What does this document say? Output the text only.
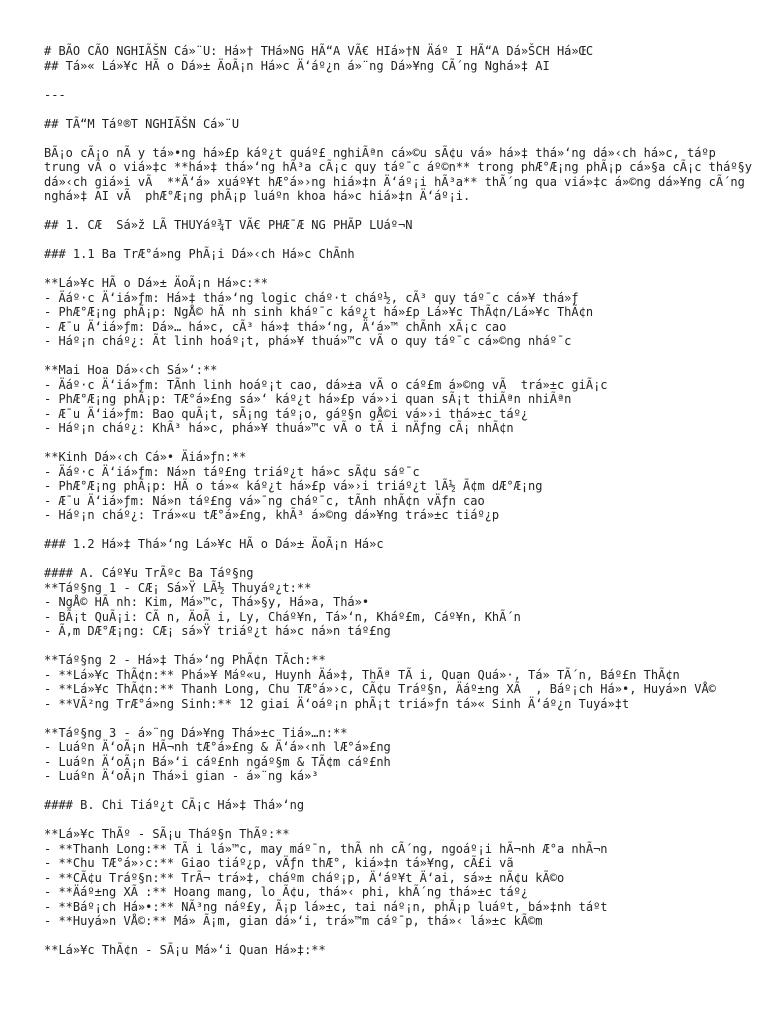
# BÃO CÃO NGHIÃŠN Cá»¨U: Há»† THá»NG HÃ“A VÃ€ HIá»†N Äáº I HÃ“A Dá»ŠCH Há»ŒC
## Tá»« Lá»¥c HÃ o Dá»± ÄoÃ¡n Há»c Ä‘áº¿n á»¨ng Dá»¥ng CÃ´ng Nghá»‡ AI
---
## TÃ“M Táº®T NGHIÃŠN Cá»¨U
BÃ¡o cÃ¡o nÃ y tá»•ng há»£p káº¿t quáº£ nghiÃªn cá»©u sÃ¢u vá» há»‡ thá»‘ng dá»‹ch há»c, táºp trung vÃ o viá»‡c **há»‡ thá»‘ng hÃ³a cÃ¡c quy táº¯c áº©n** trong phÆ°Æ¡ng phÃ¡p cá»§a cÃ¡c tháº§y dá»‹ch giá»i vÃ  **Ä‘á» xuáº¥t hÆ°á»›ng hiá»‡n Ä‘áº¡i hÃ³a** thÃ´ng qua viá»‡c á»©ng dá»¥ng cÃ´ng nghá»‡ AI vÃ  phÆ°Æ¡ng phÃ¡p luáºn khoa há»c hiá»‡n Ä‘áº¡i.
## 1. CÆ  Sá»ž LÃ THUYáº¾T VÃ€ PHÆ¯Æ NG PHÃP LUáº¬N
### 1.1 Ba TrÆ°á»ng PhÃ¡i Dá»‹ch Há»c ChÃnh
**Lá»¥c HÃ o Dá»± ÄoÃ¡n Há»c:**
- Äáº·c Ä‘iá»ƒm: Há»‡ thá»‘ng logic cháº·t cháº½, cÃ³ quy táº¯c cá»¥ thá»ƒ
- PhÆ°Æ¡ng phÃ¡p: NgÅ© hÃ nh sinh kháº¯c káº¿t há»£p Lá»¥c ThÃ¢n/Lá»¥c ThÃ¢n
- Æ¯u Ä‘iá»ƒm: Dá»… há»c, cÃ³ há»‡ thá»‘ng, Ä‘á»™ chÃnh xÃ¡c cao
- Háº¡n cháº¿: Ãt linh hoáº¡t, phá»¥ thuá»™c vÃ o quy táº¯c cá»©ng nháº¯c
**Mai Hoa Dá»‹ch Sá»‘:**
- Äáº·c Ä‘iá»ƒm: TÃnh linh hoáº¡t cao, dá»±a vÃ o cáº£m á»©ng vÃ  trá»±c giÃ¡c
- PhÆ°Æ¡ng phÃ¡p: TÆ°á»£ng sá»‘ káº¿t há»£p vá»›i quan sÃ¡t thiÃªn nhiÃªn
- Æ¯u Ä‘iá»ƒm: Bao quÃ¡t, sÃ¡ng táº¡o, gáº§n gÅ©i vá»›i thá»±c táº¿
- Háº¡n cháº¿: KhÃ³ há»c, phá»¥ thuá»™c vÃ o tÃ i nÄƒng cÃ¡ nhÃ¢n
**Kinh Dá»‹ch Cá»• Äiá»ƒn:**
- Äáº·c Ä‘iá»ƒm: Ná»n táº£ng triáº¿t há»c sÃ¢u sáº¯c
- PhÆ°Æ¡ng phÃ¡p: HÃ o tá»« káº¿t há»£p vá»›i triáº¿t lÃ½ Ã¢m dÆ°Æ¡ng
- Æ¯u Ä‘iá»ƒm: Ná»n táº£ng vá»¯ng cháº¯c, tÃnh nhÃ¢n vÄƒn cao
- Háº¡n cháº¿: Trá»«u tÆ°á»£ng, khÃ³ á»©ng dá»¥ng trá»±c tiáº¿p
### 1.2 Há»‡ Thá»‘ng Lá»¥c HÃ o Dá»± ÄoÃ¡n Há»c
#### A. Cáº¥u TrÃºc Ba Táº§ng
**Táº§ng 1 - CÆ¡ Sá»Ÿ LÃ½ Thuyáº¿t:**
- NgÅ© HÃ nh: Kim, Má»™c, Thá»§y, Há»a, Thá»•
- BÃ¡t QuÃ¡i: CÃ n, ÄoÃ i, Ly, Cháº¥n, Tá»‘n, Kháº£m, Cáº¥n, KhÃ´n
- Ã‚m DÆ°Æ¡ng: CÆ¡ sá»Ÿ triáº¿t há»c ná»n táº£ng
**Táº§ng 2 - Há»‡ Thá»‘ng PhÃ¢n TÃch:**
- **Lá»¥c ThÃ¢n:** Phá»¥ Máº«u, Huynh Äá»‡, ThÃª TÃ i, Quan Quá»·, Tá» TÃ´n, Báº£n ThÃ¢n
- **Lá»¥c ThÃ¢n:** Thanh Long, Chu TÆ°á»›c, CÃ¢u Tráº§n, Äáº±ng XÃ  , Báº¡ch Há»•, Huyá»n VÅ©
- **VÃ²ng TrÆ°á»ng Sinh:** 12 giai Ä‘oáº¡n phÃ¡t triá»ƒn tá»« Sinh Ä‘áº¿n Tuyá»‡t
**Táº§ng 3 - á»¨ng Dá»¥ng Thá»±c Tiá»…n:**
- Luáºn Ä‘oÃ¡n HÃ¬nh tÆ°á»£ng & Ä‘á»‹nh lÆ°á»£ng
- Luáºn Ä‘oÃ¡n Bá»‘i cáº£nh ngáº§m & TÃ¢m cáº£nh
- Luáºn Ä‘oÃ¡n Thá»i gian - á»¨ng ká»³
#### B. Chi Tiáº¿t CÃ¡c Há»‡ Thá»‘ng
**Lá»¥c ThÃº - SÃ¡u Tháº§n ThÃº:**
- **Thanh Long:** TÃ i lá»™c, may máº¯n, thÃ nh cÃ´ng, ngoáº¡i hÃ¬nh Æ°a nhÃ¬n
- **Chu TÆ°á»›c:** Giao tiáº¿p, vÄƒn thÆ°, kiá»‡n tá»¥ng, cÃ£i vã
- **CÃ¢u Tráº§n:** TrÃ¬ trá»‡, cháºm cháº¡p, Ä‘áº¥t Ä‘ai, sá»± nÃ¢u kÃ©o
- **Äáº±ng XÃ :** Hoang mang, lo Ã¢u, thá»‹ phi, khÃ´ng thá»±c táº¿
- **Báº¡ch Há»•:** NÃ³ng náº£y, Ã¡p lá»±c, tai náº¡n, phÃ¡p luáºt, bá»‡nh táºt
- **Huyá»n VÅ©:** Má» Ã¡m, gian dá»‘i, trá»™m cáº¯p, thá»‹ lá»±c kÃ©m
**Lá»¥c ThÃ¢n - SÃ¡u Má»‘i Quan Há»‡:**
